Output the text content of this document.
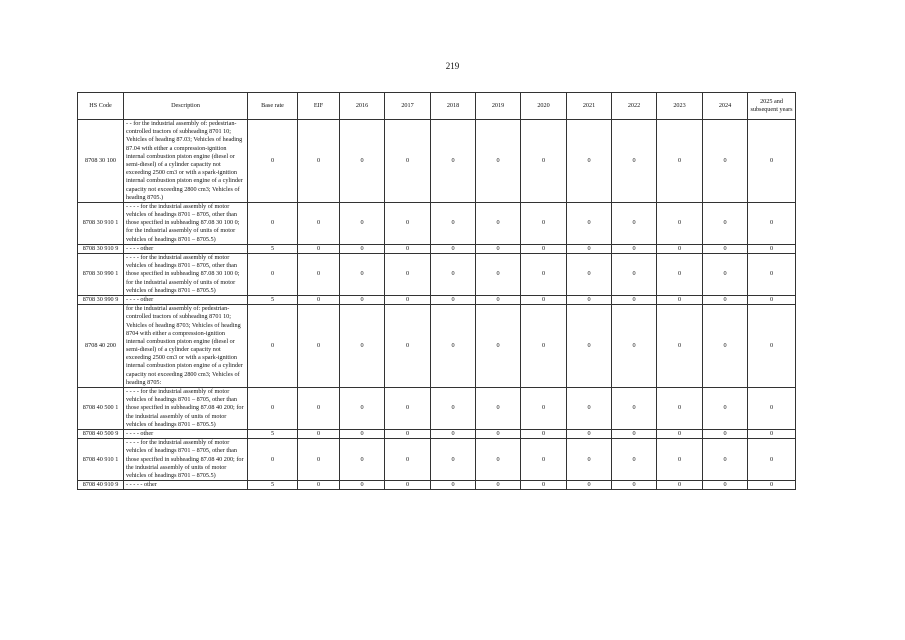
219
HS Code	Description	Base rate	EIF	2016	2017	2018	2019	2020	2021	2022	2023	2024	2025 and subsequent years
8708 30 100	- - for the industrial assembly of: pedestrian-controlled tractors of subheading 8701 10; Vehicles of heading 87.03; Vehicles of heading 87.04 with either a compression-ignition internal combustion piston engine (diesel or semi-diesel) of a cylinder capacity not exceeding 2500 cm3 or with a spark-ignition internal combustion piston engine of a cylinder capacity not exceeding 2800 cm3; Vehicles of heading 8705.)	0	0	0	0	0	0	0	0	0	0	0	0
8708 30 910 1	- - - - for the industrial assembly of motor vehicles of headings 8701 – 8705, other than those specified in subheading 87.08 30 100 0; for the industrial assembly of units of motor vehicles of headings 8701 – 8705.5)	0	0	0	0	0	0	0	0	0	0	0	0
8708 30 910 9	- - - - other	5	0	0	0	0	0	0	0	0	0	0	0
8708 30 990 1	- - - - for the industrial assembly of motor vehicles of headings 8701 – 8705, other than those specified in subheading 87.08 30 100 0; for the industrial assembly of units of motor vehicles of headings 8701 – 8705.5)	0	0	0	0	0	0	0	0	0	0	0	0
8708 30 990 9	- - - - other	5	0	0	0	0	0	0	0	0	0	0	0
8708 40 200	for the industrial assembly of: pedestrian-controlled tractors of subheading 8701 10; Vehicles of heading 8703; Vehicles of heading 8704 with either a compression-ignition internal combustion piston engine (diesel or semi-diesel) of a cylinder capacity not exceeding 2500 cm3 or with a spark-ignition internal combustion piston engine of a cylinder capacity not exceeding 2800 cm3; Vehicles of heading 8705:	0	0	0	0	0	0	0	0	0	0	0	0
8708 40 500 1	- - - - for the industrial assembly of motor vehicles of headings 8701 – 8705, other than those specified in subheading 87.08 40 200; for the industrial assembly of units of motor vehicles of headings 8701 – 8705.5)	0	0	0	0	0	0	0	0	0	0	0	0
8708 40 500 9	- - - - other	5	0	0	0	0	0	0	0	0	0	0	0
8708 40 910 1	- - - - for the industrial assembly of motor vehicles of headings 8701 – 8705, other than those specified in subheading 87.08 40 200; for the industrial assembly of units of motor vehicles of headings 8701 – 8705.5)	0	0	0	0	0	0	0	0	0	0	0	0
8708 40 910 9	- - - - - other	5	0	0	0	0	0	0	0	0	0	0	0
